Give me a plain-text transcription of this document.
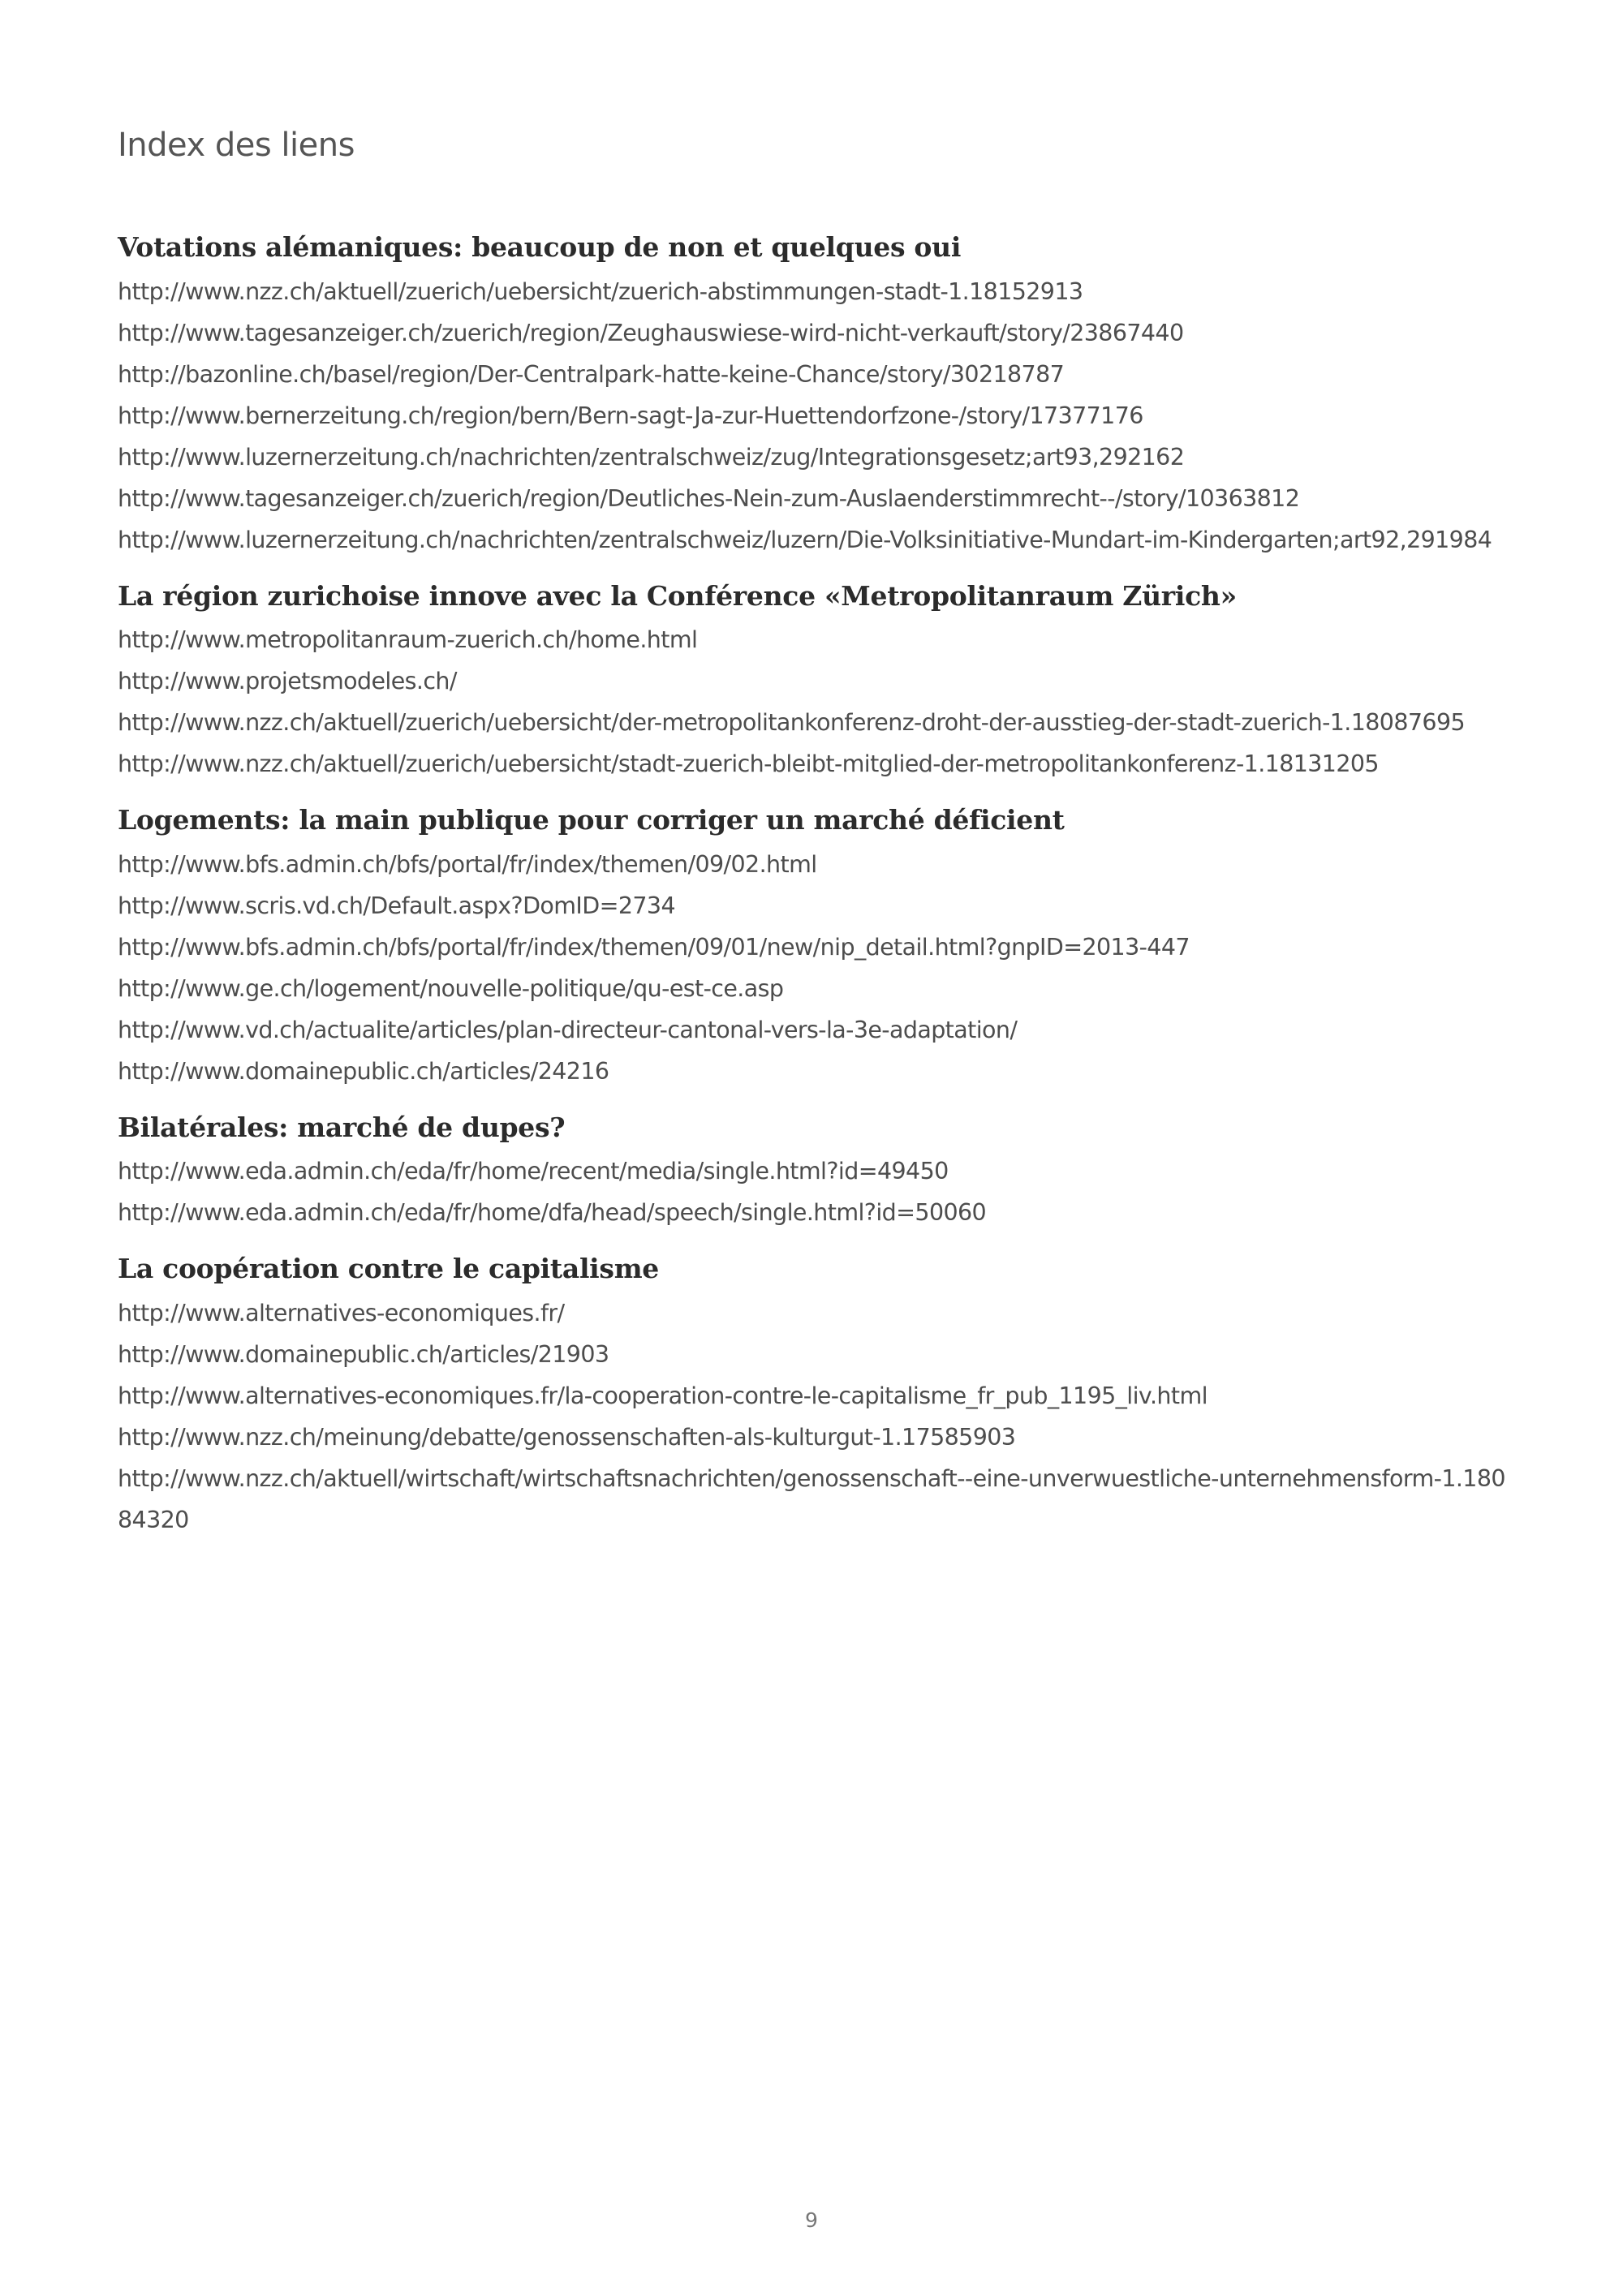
Index des liens
Votations alémaniques: beaucoup de non et quelques oui
http://www.nzz.ch/aktuell/zuerich/uebersicht/zuerich-abstimmungen-stadt-1.18152913
http://www.tagesanzeiger.ch/zuerich/region/Zeughauswiese-wird-nicht-verkauft/story/23867440
http://bazonline.ch/basel/region/Der-Centralpark-hatte-keine-Chance/story/30218787
http://www.bernerzeitung.ch/region/bern/Bern-sagt-Ja-zur-Huettendorfzone-/story/17377176
http://www.luzernerzeitung.ch/nachrichten/zentralschweiz/zug/Integrationsgesetz;art93,292162
http://www.tagesanzeiger.ch/zuerich/region/Deutliches-Nein-zum-Auslaenderstimmrecht--/story/10363812
http://www.luzernerzeitung.ch/nachrichten/zentralschweiz/luzern/Die-Volksinitiative-Mundart-im-Kindergarten;art92,291984
La région zurichoise innove avec la Conférence «Metropolitanraum Zürich»
http://www.metropolitanraum-zuerich.ch/home.html
http://www.projetsmodeles.ch/
http://www.nzz.ch/aktuell/zuerich/uebersicht/der-metropolitankonferenz-droht-der-ausstieg-der-stadt-zuerich-1.18087695
http://www.nzz.ch/aktuell/zuerich/uebersicht/stadt-zuerich-bleibt-mitglied-der-metropolitankonferenz-1.18131205
Logements: la main publique pour corriger un marché déficient
http://www.bfs.admin.ch/bfs/portal/fr/index/themen/09/02.html
http://www.scris.vd.ch/Default.aspx?DomID=2734
http://www.bfs.admin.ch/bfs/portal/fr/index/themen/09/01/new/nip_detail.html?gnpID=2013-447
http://www.ge.ch/logement/nouvelle-politique/qu-est-ce.asp
http://www.vd.ch/actualite/articles/plan-directeur-cantonal-vers-la-3e-adaptation/
http://www.domainepublic.ch/articles/24216
Bilatérales: marché de dupes?
http://www.eda.admin.ch/eda/fr/home/recent/media/single.html?id=49450
http://www.eda.admin.ch/eda/fr/home/dfa/head/speech/single.html?id=50060
La coopération contre le capitalisme
http://www.alternatives-economiques.fr/
http://www.domainepublic.ch/articles/21903
http://www.alternatives-economiques.fr/la-cooperation-contre-le-capitalisme_fr_pub_1195_liv.html
http://www.nzz.ch/meinung/debatte/genossenschaften-als-kulturgut-1.17585903
http://www.nzz.ch/aktuell/wirtschaft/wirtschaftsnachrichten/genossenschaft--eine-unverwuestliche-unternehmensform-1.18084320
9
